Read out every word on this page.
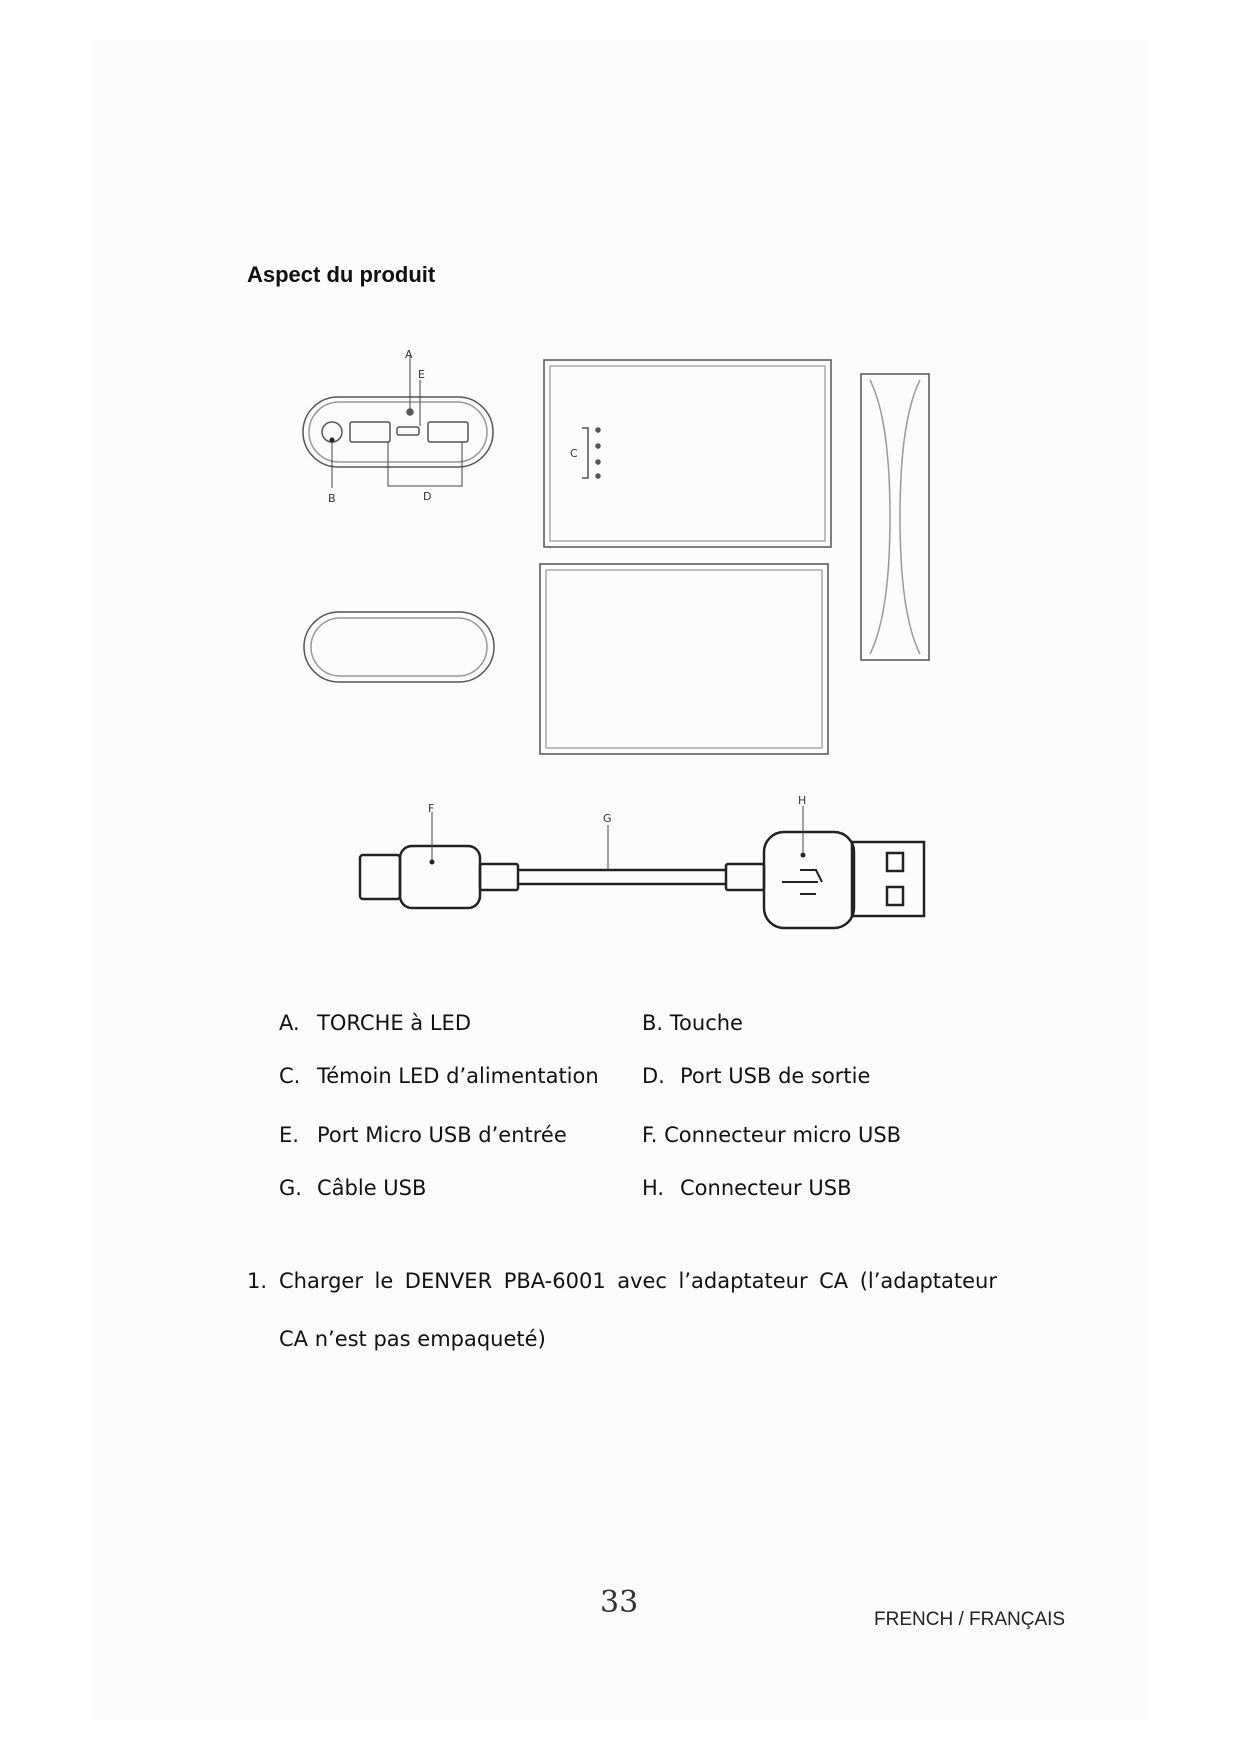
Aspect du produit
A
E
B	D
C
F
G
H
A. TORCHE à LED	B. Touche
C. Témoin LED d’alimentation D. Port USB de sortie
E. Port Micro USB d’entrée	F. Connecteur micro USB
G. Câble USB	H. Connecteur USB
1. Charger le DENVER PBA-6001 avec l’adaptateur CA (l’adaptateur CA n’est pas empaqueté)
33	FRENCH / FRANÇAIS
